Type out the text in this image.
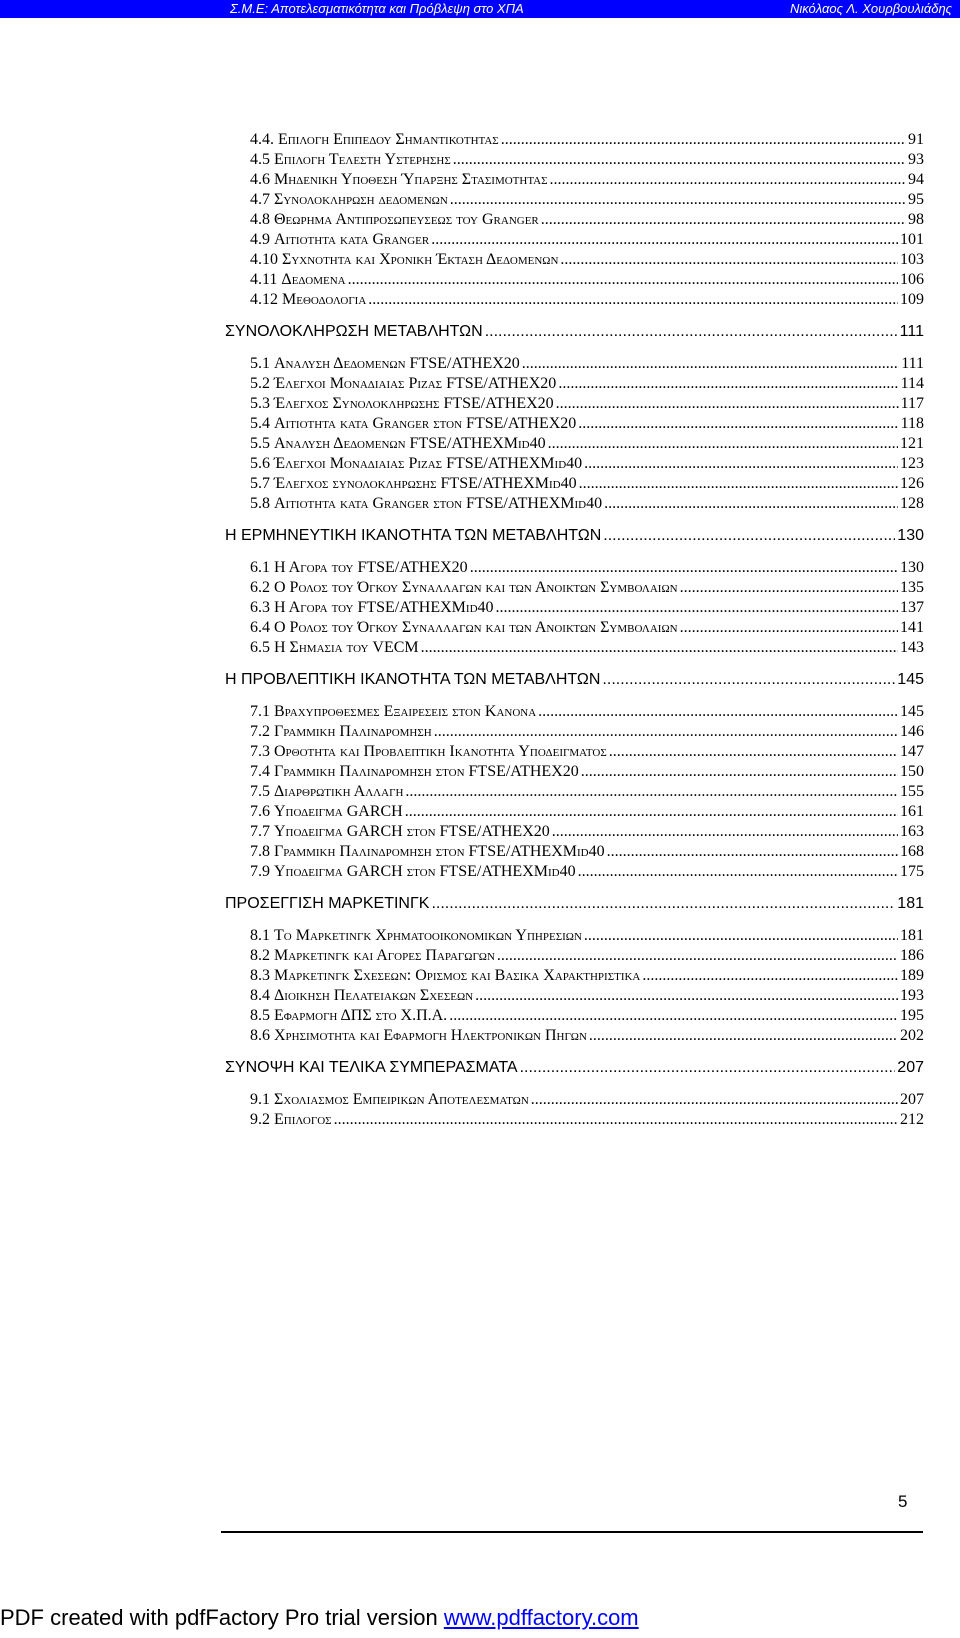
Σ.Μ.Ε: Αποτελεσματικότητα και Πρόβλεψη στο ΧΠΑ	Νικόλαος Λ. Χουρβουλιάδης
4.4. Επιλογη Επιπεδου Σημαντικοτητας .....	91
4.5 Επιλογη Τελεστη Υστερησης .....	93
4.6 Μηδενικη Υποθεση Ύπαρξης Στασιμοτητας .....	94
4.7 Συνολοκληρωση δεδομενων .....	95
4.8 Θεωρημα Αντιπροσωπευσεως του Granger .....	98
4.9 Αιτιοτητα κατα Granger .....	101
4.10 Συχνοτητα και Χρονικη Έκταση Δεδομενων .....	103
4.11 Δεδομενα .....	106
4.12 Μεθοδολογια .....	109
ΣΥΝΟΛΟΚΛΗΡΩΣΗ ΜΕΤΑΒΛΗΤΩΝ .....	111
5.1 Αναλυση Δεδομενων FTSE/ATHEX20 .....	111
5.2 Έλεγχοι Μοναδιαιας Ριζας FTSE/ATHEX20 .....	114
5.3 Έλεγχος Συνολοκληρωσης FTSE/ATHEX20 .....	117
5.4 Αιτιοτητα κατα Granger στον FTSE/ATHEX20 .....	118
5.5 Αναλυση Δεδομενων FTSE/ATHEXMid40 .....	121
5.6 Έλεγχοι Μοναδιαιας Ριζας FTSE/ATHEXMid40 .....	123
5.7 Έλεγχος συνολοκληρωσης FTSE/ATHEXMid40 .....	126
5.8 Αιτιοτητα κατα Granger στον FTSE/ATHEXMid40 .....	128
Η ΕΡΜΗΝΕΥΤΙΚΗ ΙΚΑΝΟΤΗΤΑ ΤΩΝ ΜΕΤΑΒΛΗΤΩΝ .....	130
6.1 Η Αγορα του FTSE/ATHEX20 .....	130
6.2 Ο Ρολος του Όγκου Συναλλαγων και των Ανοικτων Συμβολαιων .....	135
6.3 Η Αγορα του FTSE/ATHEXMid40 .....	137
6.4 Ο Ρολος του Όγκου Συναλλαγων και των Ανοικτων Συμβολαιων .....	141
6.5 Η Σημασια του VECM .....	143
Η ΠΡΟΒΛΕΠΤΙΚΗ ΙΚΑΝΟΤΗΤΑ ΤΩΝ ΜΕΤΑΒΛΗΤΩΝ .....	145
7.1 Βραχυπροθεσμες Εξαιρεσεις στον Κανονα .....	145
7.2 Γραμμικη Παλινδρομηση .....	146
7.3 Ορθοτητα και Προβλεπτικη Ικανοτητα Υποδειγματος .....	147
7.4 Γραμμικη Παλινδρομηση στον FTSE/ATHEX20 .....	150
7.5 Διαρθρωτικη Αλλαγη .....	155
7.6 Υποδειγμα GARCH .....	161
7.7 Υποδειγμα GARCH στον FTSE/ATHEX20 .....	163
7.8 Γραμμικη Παλινδρομηση στον FTSE/ATHEXMid40 .....	168
7.9 Υποδειγμα GARCH στον FTSE/ATHEXMid40 .....	175
ΠΡΟΣΕΓΓΙΣΗ ΜΑΡΚΕΤΙΝΓΚ .....	181
8.1 Το Μαρκετινγκ Χρηματοοικονομικων Υπηρεσιων .....	181
8.2 Μαρκετινγκ και Αγορες Παραγωγων .....	186
8.3 Μαρκετινγκ Σχεσεων: Ορισμος και Βασικα Χαρακτηριστικα .....	189
8.4 Διοικηση Πελατειακων Σχεσεων .....	193
8.5 Εφαρμογη ΔΠΣ στο Χ.Π.Α. .....	195
8.6 Χρησιμοτητα και Εφαρμογη Ηλεκτρονικων Πηγων .....	202
ΣΥΝΟΨΗ ΚΑΙ ΤΕΛΙΚΑ ΣΥΜΠΕΡΑΣΜΑΤΑ .....	207
9.1 Σχολιασμος Εμπειρικων Αποτελεσματων .....	207
9.2 Επιλογος .....	212
5
PDF created with pdfFactory Pro trial version www.pdffactory.com
